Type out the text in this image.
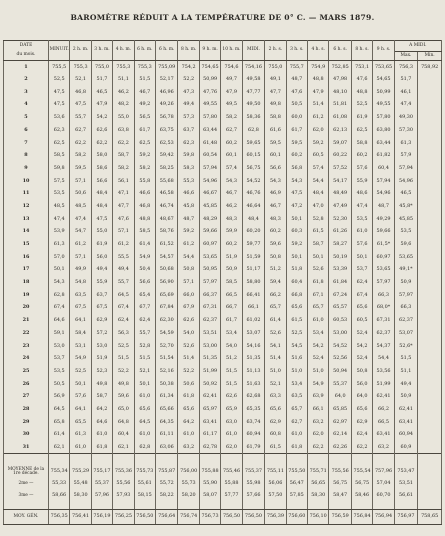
BAROMÈTRE RÉDUIT A LA TEMPÉRATURE DE 0° C. — MARS 1879.
DATE

du mois.	MINUIT.	2 h. m.	3 h. m.	4 h. m.	6 h. m.	6 h. m.	8 h. m.	9 h. m.	10 h. m.	MIDI.	2 h. s.	3 h. s.	4 h. s.	6 h. s.	8 h. s.	9 h. s.	A MIDI.	
																	Max.	Min.
1	755,5	755,3	755,0	755,3	755,3	755,09	754,2	754,65	754,6	754,16	755,0	755,7	754,9	752,85	753,1	753,65	756,3	758,92
2	52,5	52,1	51,7	51,1	51,5	52,17	52,2	50,99	49,7	49,58	49,1	48,7	48,8	47,98	47,6	54,65	51,7	
3	47,5	46,8	46,5	46,2	46,7	46,96	47,3	47,76	47,9	47,77	47,7	47,6	47,9	48,10	48,8	50,99	46,1	
4	47,5	47,5	47,9	48,2	49,2	49,26	49,4	49,55	49,5	49,50	49,8	50,5	51,4	51,81	52,5	49,55	47,4	
5	53,6	55,7	54,2	55,0	56,5	56,78	57,3	57,80	58,2	58,36	58,8	60,0	61,2	61,08	61,9	57,80	49,30	
6	62,3	62,7	62,6	63,8	61,7	63,75	63,7	63,44	62,7	62,8	61,6	61,7	62,0	62,13	62,5	63,80	57,30	
7	62,5	62,2	62,2	62,2	62,5	62,53	62,3	61,48	60,2	59,65	59,5	59,5	59,2	59,07	58,8	63,44	61,3	
8	58,5	58,2	58,0	58,7	59,2	59,42	59,8	60,54	60,1	60,15	60,1	60,2	60,5	60,22	60,2	61,82	57,9	
9	59,8	59,5	58,6	58,2	58,2	58,25	58,3	57,94	57,4	56,75	56,6	56,8	57,4	57,52	57,6	60,4	57,94	
10	57,5	57,1	56,6	56,1	55,8	55,68	55,3	54,96	54,3	54,52	54,3	54,3	54,4	54,17	55,9	57,94	54,96	
11	53,5	50,6	48,4	47,1	46,6	46,58	46,6	46,67	46,7	46,76	46,9	47,5	48,4	48,49	48,6	54,96	46,5	
12	48,5	48,5	48,4	47,7	46,8	46,74	45,8	45,85	46,2	46,64	46,7	47,2	47,0	47,49	47,4	48,7	45,8*	
13	47,4	47,4	47,5	47,6	48,8	48,67	48,7	48,29	48,3	48,4	48,3	50,1	52,8	52,30	53,5	49,29	45,85	
14	53,9	54,7	55,0	57,1	58,5	58,76	59,2	59,66	59,9	60,20	60,2	60,3	61,5	61,26	61,0	59,66	53,5	
15	61,3	61,2	61,9	61,2	61,4	61,52	61,2	60,97	60,2	59,77	59,6	59,2	58,7	58,27	57,6	61,5*	59,6	
16	57,0	57,1	56,0	55,5	54,9	54,57	54,4	53,65	51,9	51,59	50,8	50,1	50,1	50,19	50,1	60,97	53,65	
17	50,1	49,9	49,4	49,4	50,4	50,68	50,8	50,95	50,9	51,17	51,2	51,8	52,6	53,39	53,7	53,65	49,1*	
18	54,3	54,8	55,9	55,7	56,6	56,90	57,1	57,97	58,5	58,80	59,4	60,4	61,8	61,84	62,4	57,97	50,9	
19	62,8	63,5	63,7	64,5	65,4	65,69	66,0	66,37	66,5	66,41	66,2	66,8	67,1	67,24	67,4	66,3	57,97	
20	67,4	67,5	67,5	67,4	67,7	67,84	67,9	67,31	66,7	66,1	65,7	65,6	65,7	65,57	65,6	68,0*	66,3	
21	64,6	64,1	62,9	62,4	62,4	62,30	62,6	62,37	61,7	61,02	61,4	61,5	61,0	60,53	60,5	67,31	62,37	
22	59,1	58,4	57,2	56,3	55,7	54,59	54,0	53,51	53,4	53,07	52,6	52,5	53,4	53,00	52,4	62,37	53,07	
23	53,0	53,1	53,0	52,5	52,8	52,70	52,6	53,00	54,0	54,16	54,1	54,5	54,2	54,52	54,2	54,37	52,6*	
24	53,7	54,9	51,9	51,5	51,5	51,54	51,4	51,35	51,2	51,35	51,4	51,6	52,4	52,56	52,4	54,4	51,5	
25	53,5	52,5	52,3	52,2	52,1	52,16	52,2	51,99	51,5	51,13	51,0	51,0	51,0	50,94	50,8	53,56	51,1	
26	50,5	50,1	49,8	49,8	50,1	50,38	50,6	50,92	51,5	51,63	52,1	53,4	54,9	55,37	56,0	51,99	49,4	
27	56,9	57,6	58,7	59,6	61,0	61,34	61,8	62,41	62,6	62,68	63,3	63,5	63,9	64,0	64,0	62,41	50,9	
28	64,5	64,1	64,2	65,0	65,6	65,66	65,6	65,97	65,9	65,35	65,6	65,7	66,1	65,85	65,6	66,2	62,41	
29	65,8	65,5	64,6	64,8	64,5	64,35	64,2	63,41	63,0	63,74	62,9	62,7	63,2	62,97	62,9	66,5	63,41	
30	61,4	61,3	61,0	60,4	61,0	61,11	61,0	61,17	61,0	60,94	60,8	61,0	62,0	62,14	62,4	63,41	60,94	
31	62,1	61,0	61,8	62,1	62,8	63,06	63,2	62,78	62,0	61,79	61,5	61,8	62,2	62,26	62,2	63,2	60,9	

MOYENNE de la
1re décade.	755,34	755,29	755,17	755,36	755,73	755,87	756,00	755,88	755,46	755,37	755,11	755,50	755,71	755,56	755,54	757,96	753,47	
2me —	55,33	55,48	55,37	55,56	55,61	55,72	55,73	55,90	55,88	55,98	56,06	56,47	56,65	56,75	56,75	57,04	53,51	
3me —	58,66	58,30	57,96	57,93	58,15	58,22	58,20	58,07	57,77	57,66	57,50	57,85	58,30	58,47	58,46	60,70	56,61	

MOY. GÉN.	756,35	756,41	756,19	756,25	756,50	756,64	756,74	756,73	756,50	756,50	756,39	756,60	756,10	756,59	756,84	756,94	756,97	758,65
